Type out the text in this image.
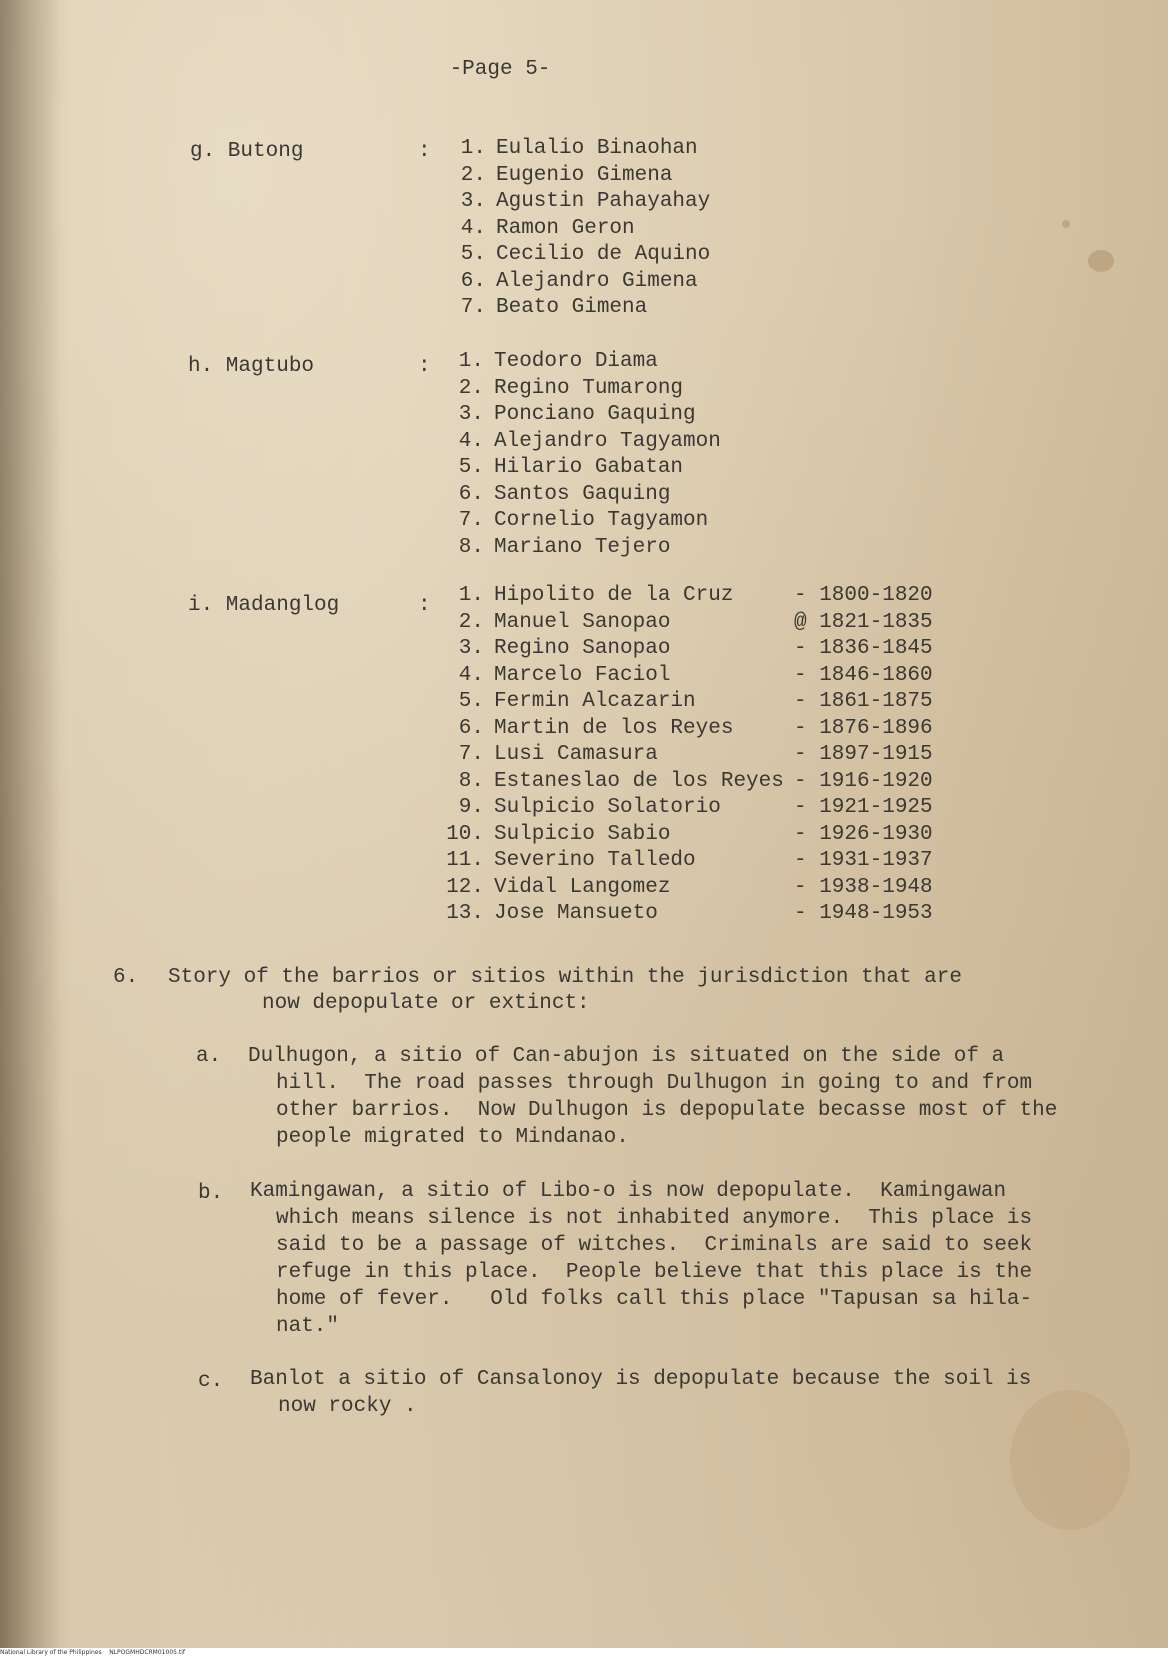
-Page 5-
g. Butong	:	1. Eulalio Binaohan
2. Eugenio Gimena
3. Agustin Pahayahay
4. Ramon Geron
5. Cecilio de Aquino
6. Alejandro Gimena
7. Beato Gimena
h. Magtubo	:	1. Teodoro Diama
2. Regino Tumarong
3. Ponciano Gaquing
4. Alejandro Tagyamon
5. Hilario Gabatan
6. Santos Gaquing
7. Cornelio Tagyamon
8. Mariano Tejero
i. Madanglog	:	1. Hipolito de la Cruz	- 1800-1820
2. Manuel Sanopao	@ 1821-1835
3. Regino Sanopao	- 1836-1845
4. Marcelo Faciol	- 1846-1860
5. Fermin Alcazarin	- 1861-1875
6. Martin de los Reyes	- 1876-1896
7. Lusi Camasura	- 1897-1915
8. Estaneslao de los Reyes - 1916-1920
9. Sulpicio Solatorio	- 1921-1925
10. Sulpicio Sabio	- 1926-1930
11. Severino Talledo	- 1931-1937
12. Vidal Langomez	- 1938-1948
13. Jose Mansueto	- 1948-1953
6. Story of the barrios or sitios within the jurisdiction that are
now depopulate or extinct:
a. Dulhugon, a sitio of Can-abujon is situated on the side of a
hill.  The road passes through Dulhugon in going to and from
other barrios.  Now Dulhugon is depopulate becasse most of the
people migrated to Mindanao.
b. Kamingawan, a sitio of Libo-o is now depopulate.  Kamingawan
which means silence is not inhabited anymore.  This place is
said to be a passage of witches.  Criminals are said to seek
refuge in this place.  People believe that this place is the
home of fever.   Old folks call this place "Tapusan sa hila-
nat."
c. Banlot a sitio of Cansalonoy is depopulate because the soil is
now rocky .
National Library of the Philippines    NLPOGMHDCRM01005.tif
